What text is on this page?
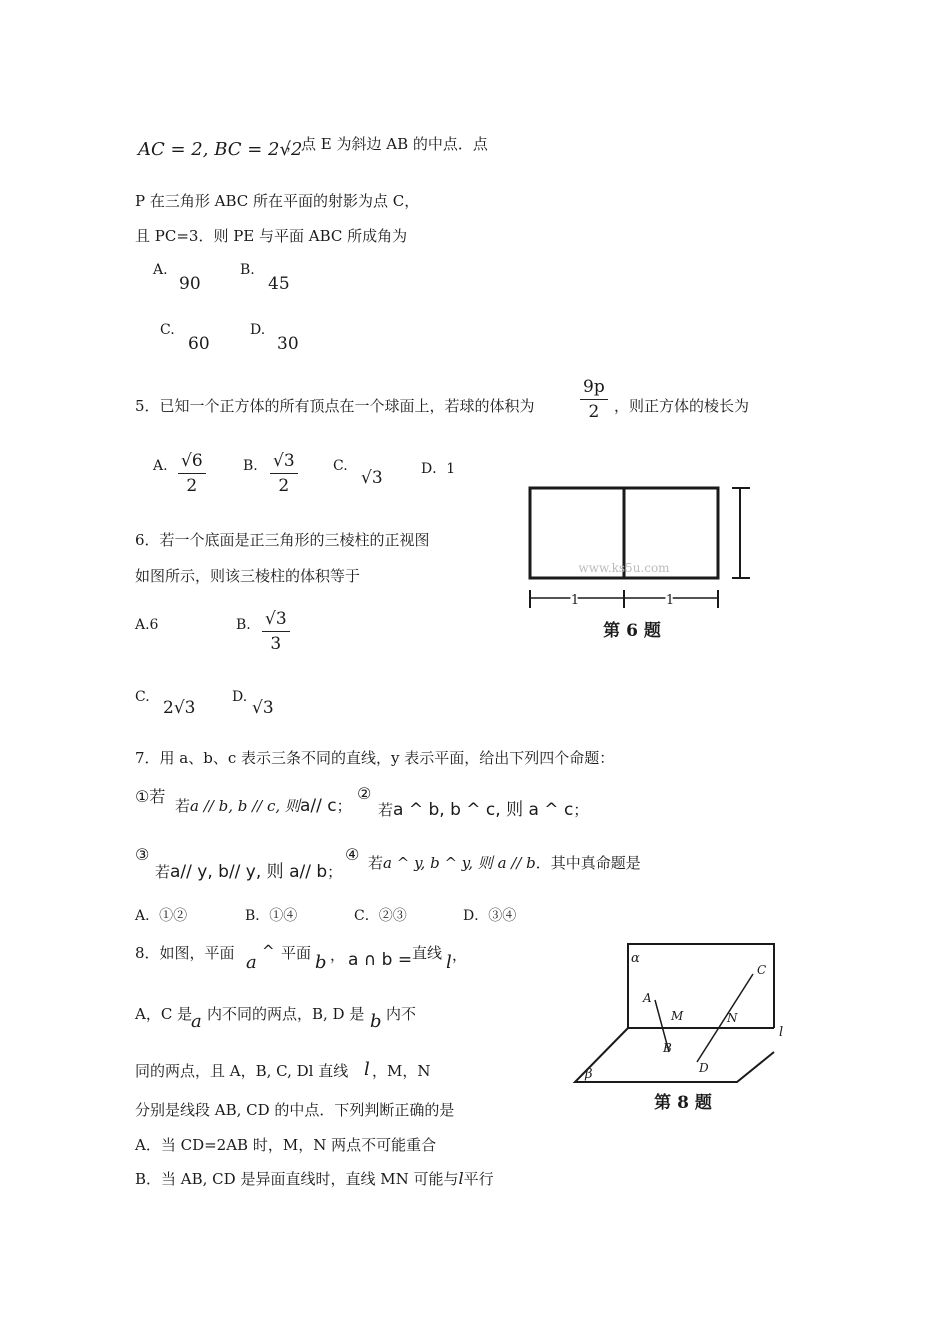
AC = 2, BC = 2√2
，点 E 为斜边 AB 的中点．点
P 在三角形 ABC 所在平面的射影为点 C，
且 PC=3．则 PE 与平面 ABC 所成角为
A.
90
B.
45
C.
60
D.
30
5．已知一个正方体的所有顶点在一个球面上，若球的体积为	$\frac{9p}{2}$ ，则正方体的棱长为
A. $\frac{√6}{2}$	B. $\frac{√3}{2}$	C.
√3	D．1
6．若一个底面是正三角形的三棱柱的正视图
如图所示，则该三棱柱的体积等于
A.6	B. $\frac{√3}{3}$
C.
2√3
D.
√3
1	1
www.ks5u.com
第 6 题
7．用 a、b、c 表示三条不同的直线，y 表示平面，给出下列四个命题：
①若 若a // b, b // c, 则a// c；
②
若a ^ b, b ^ c, 则 a ^ c；
③
若a// y, b// y, 则 a// b；
④ 若a ^ y, b ^ y, 则 a // b．其中真命题是
A．①②	B．①④	C．②③	D．③④
8．如图，平面 a
^ 平面 b ， a ∩ b = 直线 l ，
A，C 是
a 内不同的两点，B, D 是 b 内不
同的两点，且 A，B, C, Dl 直线 l ，M，N
分别是线段 AB, CD 的中点．下列判断正确的是
A．当 CD=2AB 时，M，N 两点不可能重合
B．当 AB, CD 是异面直线时，直线 MN 可能与l平行
α
β
l
A
B
C
D
M	N
第 8 题
